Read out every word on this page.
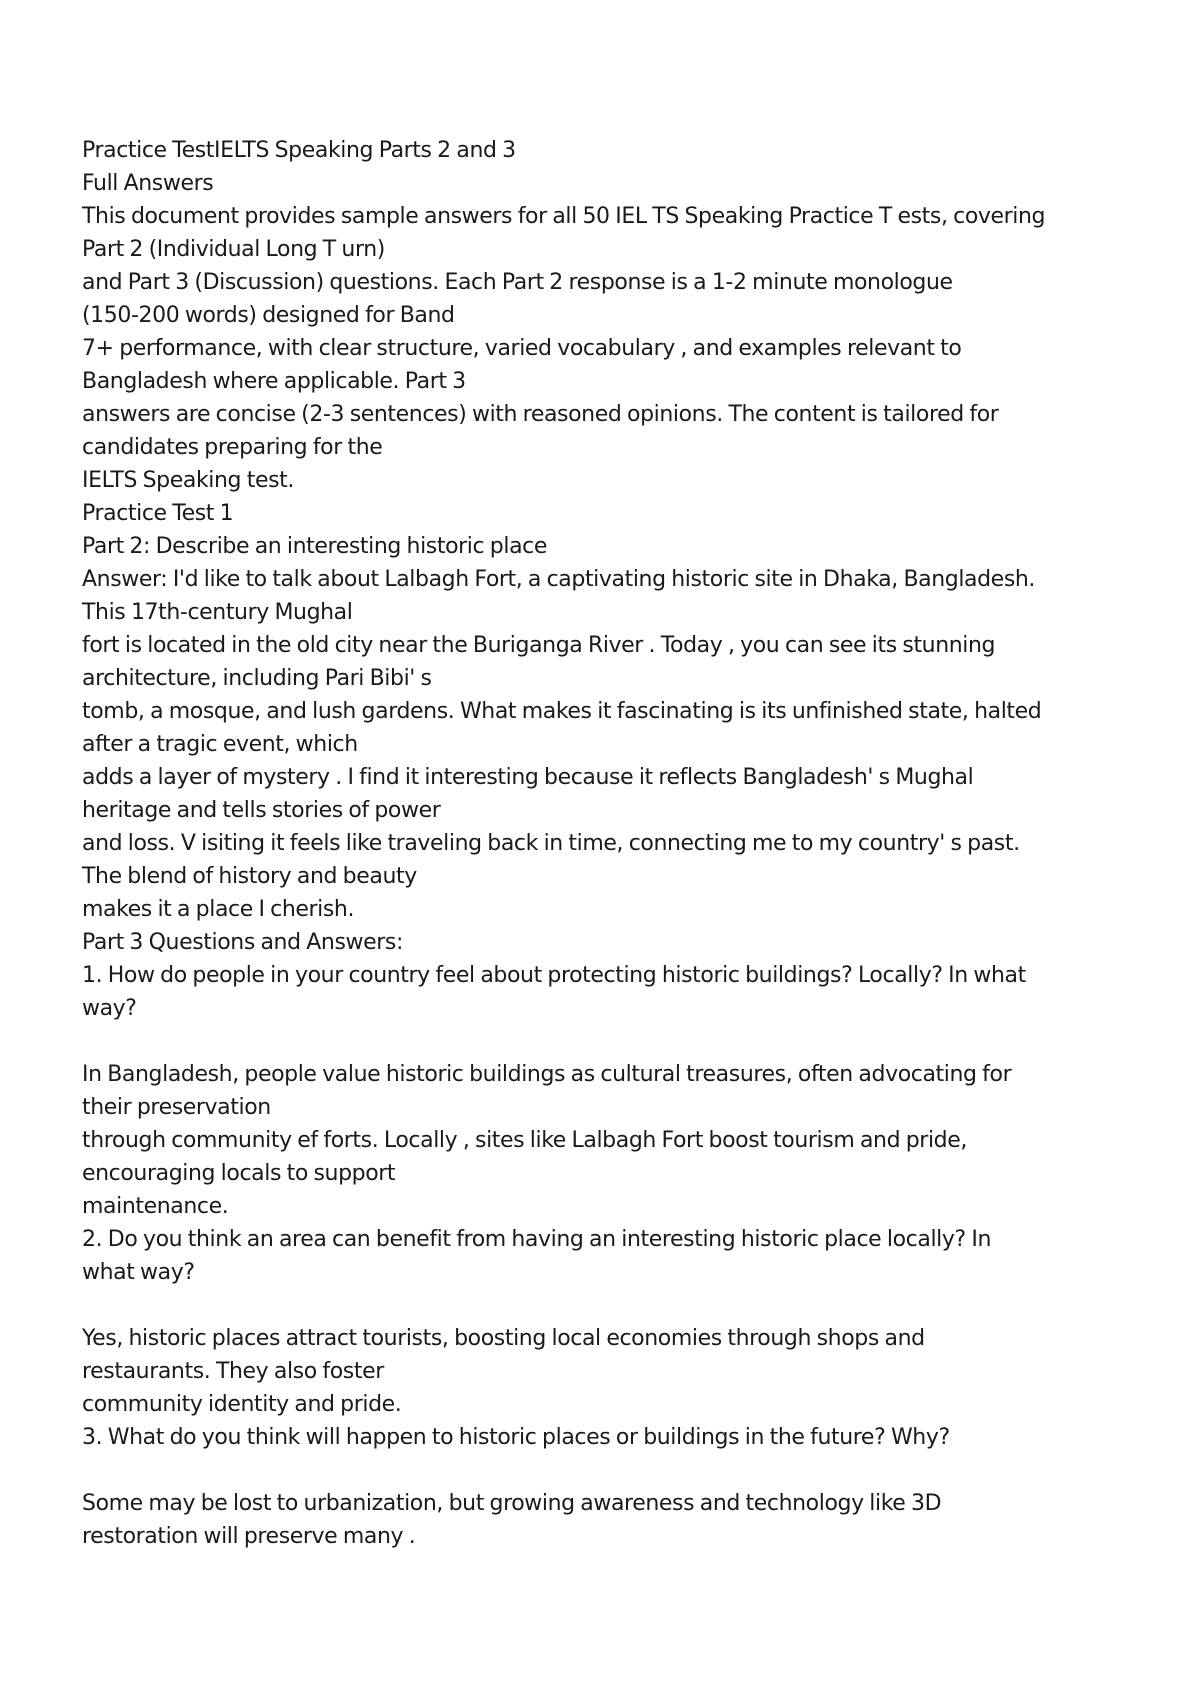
Practice TestIELTS Speaking Parts 2 and 3
Full Answers
This document provides sample answers for all 50 IEL TS Speaking Practice T ests, covering
Part 2 (Individual Long T urn)
and Part 3 (Discussion) questions. Each Part 2 response is a 1-2 minute monologue
(150-200 words) designed for Band
7+ performance, with clear structure, varied vocabulary , and examples relevant to
Bangladesh where applicable. Part 3
answers are concise (2-3 sentences) with reasoned opinions. The content is tailored for
candidates preparing for the
IELTS Speaking test.
Practice Test 1
Part 2: Describe an interesting historic place
Answer: I'd like to talk about Lalbagh Fort, a captivating historic site in Dhaka, Bangladesh.
This 17th-century Mughal
fort is located in the old city near the Buriganga River . Today , you can see its stunning
architecture, including Pari Bibi' s
tomb, a mosque, and lush gardens. What makes it fascinating is its unfinished state, halted
after a tragic event, which
adds a layer of mystery . I find it interesting because it reflects Bangladesh' s Mughal
heritage and tells stories of power
and loss. V isiting it feels like traveling back in time, connecting me to my country' s past.
The blend of history and beauty
makes it a place I cherish.
Part 3 Questions and Answers:
1. How do people in your country feel about protecting historic buildings? Locally? In what
way?
In Bangladesh, people value historic buildings as cultural treasures, often advocating for
their preservation
through community ef forts. Locally , sites like Lalbagh Fort boost tourism and pride,
encouraging locals to support
maintenance.
2. Do you think an area can benefit from having an interesting historic place locally? In
what way?
Yes, historic places attract tourists, boosting local economies through shops and
restaurants. They also foster
community identity and pride.
3. What do you think will happen to historic places or buildings in the future? Why?
Some may be lost to urbanization, but growing awareness and technology like 3D
restoration will preserve many .
